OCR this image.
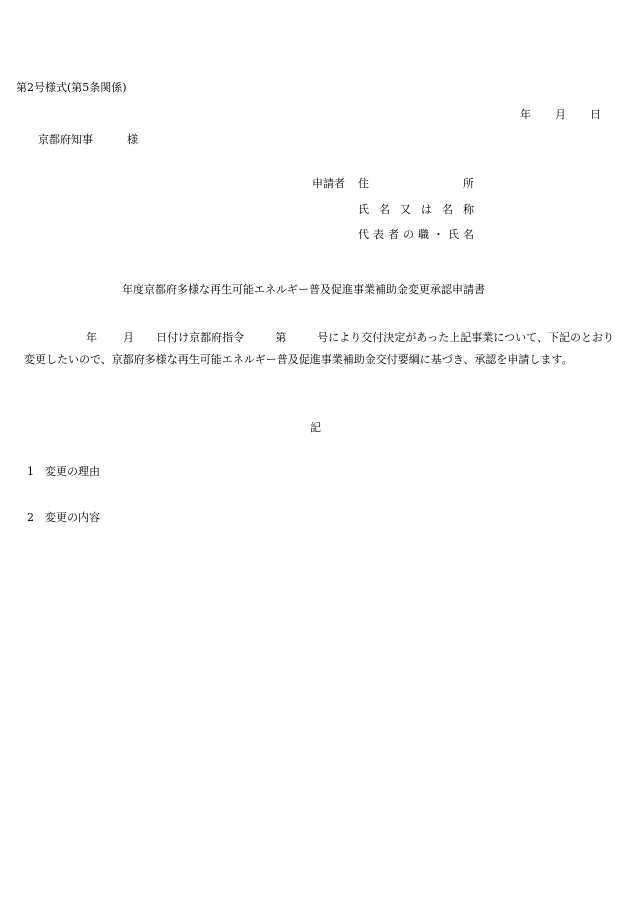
第2号様式(第5条関係)
年 月 日
京都府知事	様
申請者 住	所
氏 名 又 は 名 称
代 表 者 の 職 ・ 氏 名
年度京都府多様な再生可能エネルギー普及促進事業補助金変更承認申請書
年 月 日付け京都府指令	第	号により交付決定があった上記事業について、下記のとおり変更したいので、京都府多様な再生可能エネルギー普及促進事業補助金交付要綱に基づき、承認を申請します。
記
1 変更の理由
2 変更の内容
